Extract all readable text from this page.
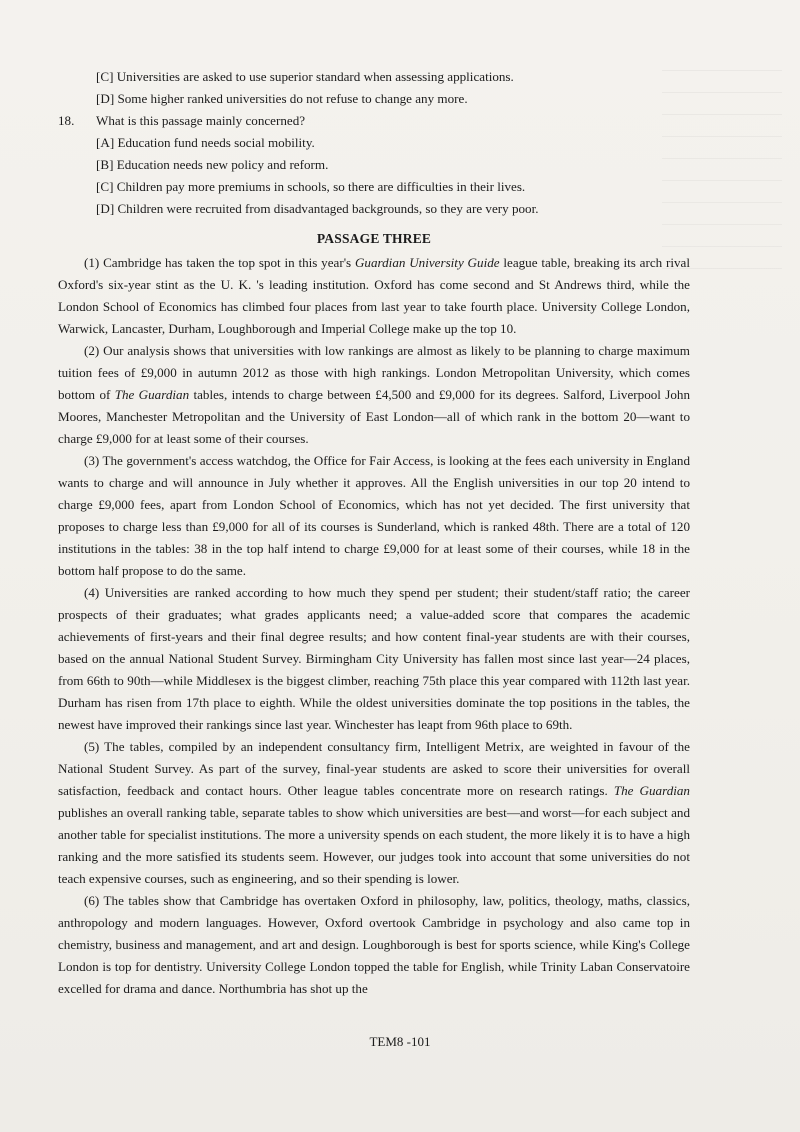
[C] Universities are asked to use superior standard when assessing applications.
[D] Some higher ranked universities do not refuse to change any more.
18. What is this passage mainly concerned?
[A] Education fund needs social mobility.
[B] Education needs new policy and reform.
[C] Children pay more premiums in schools, so there are difficulties in their lives.
[D] Children were recruited from disadvantaged backgrounds, so they are very poor.
PASSAGE THREE

(1) Cambridge has taken the top spot in this year's Guardian University Guide league table, breaking its arch rival Oxford's six-year stint as the U. K. 's leading institution. Oxford has come second and St Andrews third, while the London School of Economics has climbed four places from last year to take fourth place. University College London, Warwick, Lancaster, Durham, Loughborough and Imperial College make up the top 10.

(2) Our analysis shows that universities with low rankings are almost as likely to be planning to charge maximum tuition fees of £9,000 in autumn 2012 as those with high rankings. London Metropolitan University, which comes bottom of The Guardian tables, intends to charge between £4,500 and £9,000 for its degrees. Salford, Liverpool John Moores, Manchester Metropolitan and the University of East London—all of which rank in the bottom 20—want to charge £9,000 for at least some of their courses.

(3) The government's access watchdog, the Office for Fair Access, is looking at the fees each university in England wants to charge and will announce in July whether it approves. All the English universities in our top 20 intend to charge £9,000 fees, apart from London School of Economics, which has not yet decided. The first university that proposes to charge less than £9,000 for all of its courses is Sunderland, which is ranked 48th. There are a total of 120 institutions in the tables: 38 in the top half intend to charge £9,000 for at least some of their courses, while 18 in the bottom half propose to do the same.

(4) Universities are ranked according to how much they spend per student; their student/staff ratio; the career prospects of their graduates; what grades applicants need; a value-added score that compares the academic achievements of first-years and their final degree results; and how content final-year students are with their courses, based on the annual National Student Survey. Birmingham City University has fallen most since last year—24 places, from 66th to 90th—while Middlesex is the biggest climber, reaching 75th place this year compared with 112th last year. Durham has risen from 17th place to eighth. While the oldest universities dominate the top positions in the tables, the newest have improved their rankings since last year. Winchester has leapt from 96th place to 69th.

(5) The tables, compiled by an independent consultancy firm, Intelligent Metrix, are weighted in favour of the National Student Survey. As part of the survey, final-year students are asked to score their universities for overall satisfaction, feedback and contact hours. Other league tables concentrate more on research ratings. The Guardian publishes an overall ranking table, separate tables to show which universities are best—and worst—for each subject and another table for specialist institutions. The more a university spends on each student, the more likely it is to have a high ranking and the more satisfied its students seem. However, our judges took into account that some universities do not teach expensive courses, such as engineering, and so their spending is lower.

(6) The tables show that Cambridge has overtaken Oxford in philosophy, law, politics, theology, maths, classics, anthropology and modern languages. However, Oxford overtook Cambridge in psychology and also came top in chemistry, business and management, and art and design. Loughborough is best for sports science, while King's College London is top for dentistry. University College London topped the table for English, while Trinity Laban Conservatoire excelled for drama and dance. Northumbria has shot up the

TEM8 -101
